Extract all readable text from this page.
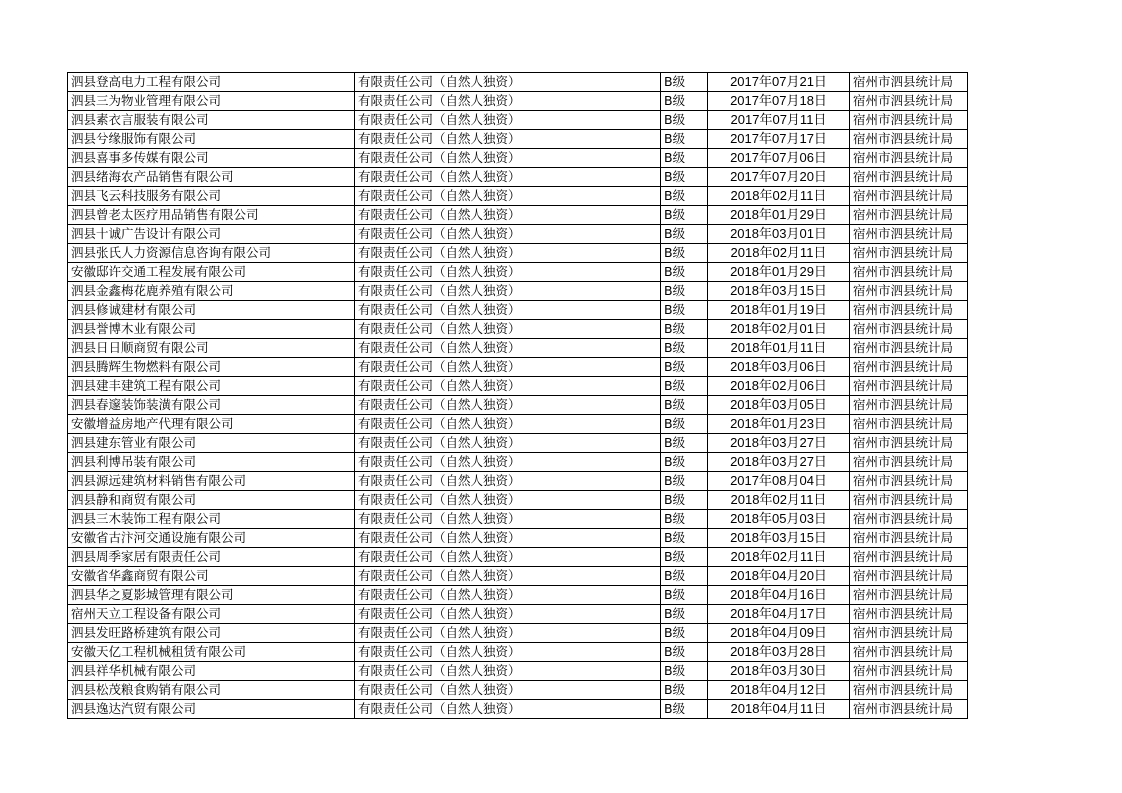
泗县登高电力工程有限公司	有限责任公司（自然人独资）	B级	2017年07月21日	宿州市泗县统计局
泗县三为物业管理有限公司	有限责任公司（自然人独资）	B级	2017年07月18日	宿州市泗县统计局
泗县素衣言服装有限公司	有限责任公司（自然人独资）	B级	2017年07月11日	宿州市泗县统计局
泗县兮缘服饰有限公司	有限责任公司（自然人独资）	B级	2017年07月17日	宿州市泗县统计局
泗县喜事多传媒有限公司	有限责任公司（自然人独资）	B级	2017年07月06日	宿州市泗县统计局
泗县绪海农产品销售有限公司	有限责任公司（自然人独资）	B级	2017年07月20日	宿州市泗县统计局
泗县飞云科技服务有限公司	有限责任公司（自然人独资）	B级	2018年02月11日	宿州市泗县统计局
泗县曾老太医疗用品销售有限公司	有限责任公司（自然人独资）	B级	2018年01月29日	宿州市泗县统计局
泗县十诚广告设计有限公司	有限责任公司（自然人独资）	B级	2018年03月01日	宿州市泗县统计局
泗县张氏人力资源信息咨询有限公司	有限责任公司（自然人独资）	B级	2018年02月11日	宿州市泗县统计局
安徽邸许交通工程发展有限公司	有限责任公司（自然人独资）	B级	2018年01月29日	宿州市泗县统计局
泗县金鑫梅花鹿养殖有限公司	有限责任公司（自然人独资）	B级	2018年03月15日	宿州市泗县统计局
泗县修诚建材有限公司	有限责任公司（自然人独资）	B级	2018年01月19日	宿州市泗县统计局
泗县誉博木业有限公司	有限责任公司（自然人独资）	B级	2018年02月01日	宿州市泗县统计局
泗县日日顺商贸有限公司	有限责任公司（自然人独资）	B级	2018年01月11日	宿州市泗县统计局
泗县腾辉生物燃料有限公司	有限责任公司（自然人独资）	B级	2018年03月06日	宿州市泗县统计局
泗县建丰建筑工程有限公司	有限责任公司（自然人独资）	B级	2018年02月06日	宿州市泗县统计局
泗县春邃装饰装潢有限公司	有限责任公司（自然人独资）	B级	2018年03月05日	宿州市泗县统计局
安徽增益房地产代理有限公司	有限责任公司（自然人独资）	B级	2018年01月23日	宿州市泗县统计局
泗县建东管业有限公司	有限责任公司（自然人独资）	B级	2018年03月27日	宿州市泗县统计局
泗县利博吊装有限公司	有限责任公司（自然人独资）	B级	2018年03月27日	宿州市泗县统计局
泗县源远建筑材料销售有限公司	有限责任公司（自然人独资）	B级	2017年08月04日	宿州市泗县统计局
泗县静和商贸有限公司	有限责任公司（自然人独资）	B级	2018年02月11日	宿州市泗县统计局
泗县三木装饰工程有限公司	有限责任公司（自然人独资）	B级	2018年05月03日	宿州市泗县统计局
安徽省古汴河交通设施有限公司	有限责任公司（自然人独资）	B级	2018年03月15日	宿州市泗县统计局
泗县周季家居有限责任公司	有限责任公司（自然人独资）	B级	2018年02月11日	宿州市泗县统计局
安徽省华鑫商贸有限公司	有限责任公司（自然人独资）	B级	2018年04月20日	宿州市泗县统计局
泗县华之夏影城管理有限公司	有限责任公司（自然人独资）	B级	2018年04月16日	宿州市泗县统计局
宿州天立工程设备有限公司	有限责任公司（自然人独资）	B级	2018年04月17日	宿州市泗县统计局
泗县发旺路桥建筑有限公司	有限责任公司（自然人独资）	B级	2018年04月09日	宿州市泗县统计局
安徽天亿工程机械租赁有限公司	有限责任公司（自然人独资）	B级	2018年03月28日	宿州市泗县统计局
泗县祥华机械有限公司	有限责任公司（自然人独资）	B级	2018年03月30日	宿州市泗县统计局
泗县松茂粮食购销有限公司	有限责任公司（自然人独资）	B级	2018年04月12日	宿州市泗县统计局
泗县逸达汽贸有限公司	有限责任公司（自然人独资）	B级	2018年04月11日	宿州市泗县统计局
